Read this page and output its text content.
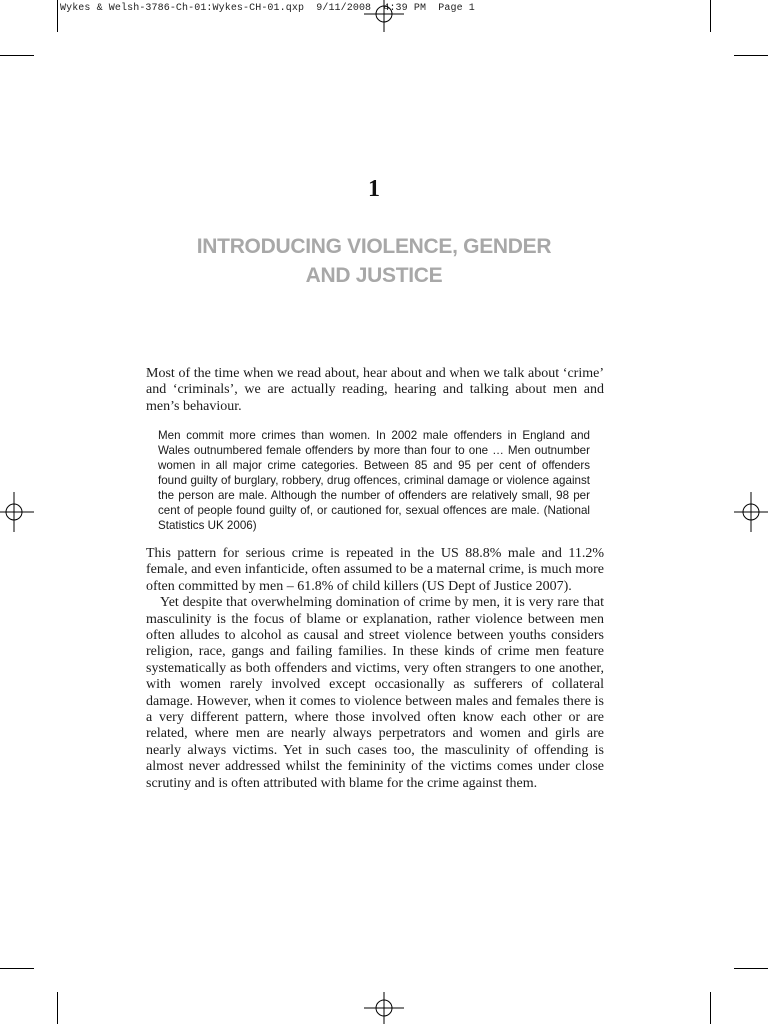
Wykes & Welsh-3786-Ch-01:Wykes-CH-01.qxp  9/11/2008  4:39 PM  Page 1
1
INTRODUCING VIOLENCE, GENDER
AND JUSTICE
Most of the time when we read about, hear about and when we talk about ‘crime’ and ‘criminals’, we are actually reading, hearing and talking about men and men’s behaviour.
Men commit more crimes than women. In 2002 male offenders in England and Wales outnumbered female offenders by more than four to one … Men outnumber women in all major crime categories. Between 85 and 95 per cent of offenders found guilty of burglary, robbery, drug offences, criminal damage or violence against the person are male. Although the number of offenders are relatively small, 98 per cent of people found guilty of, or cautioned for, sexual offences are male. (National Statistics UK 2006)

This pattern for serious crime is repeated in the US 88.8% male and 11.2% female, and even infanticide, often assumed to be a maternal crime, is much more often committed by men – 61.8% of child killers (US Dept of Justice 2007).

Yet despite that overwhelming domination of crime by men, it is very rare that masculinity is the focus of blame or explanation, rather violence between men often alludes to alcohol as causal and street violence between youths considers religion, race, gangs and failing families. In these kinds of crime men feature systematically as both offenders and victims, very often strangers to one another, with women rarely involved except occasionally as sufferers of collateral damage. However, when it comes to violence between males and females there is a very different pattern, where those involved often know each other or are related, where men are nearly always perpetrators and women and girls are nearly always victims. Yet in such cases too, the masculinity of offending is almost never addressed whilst the femininity of the victims comes under close scrutiny and is often attributed with blame for the crime against them.
